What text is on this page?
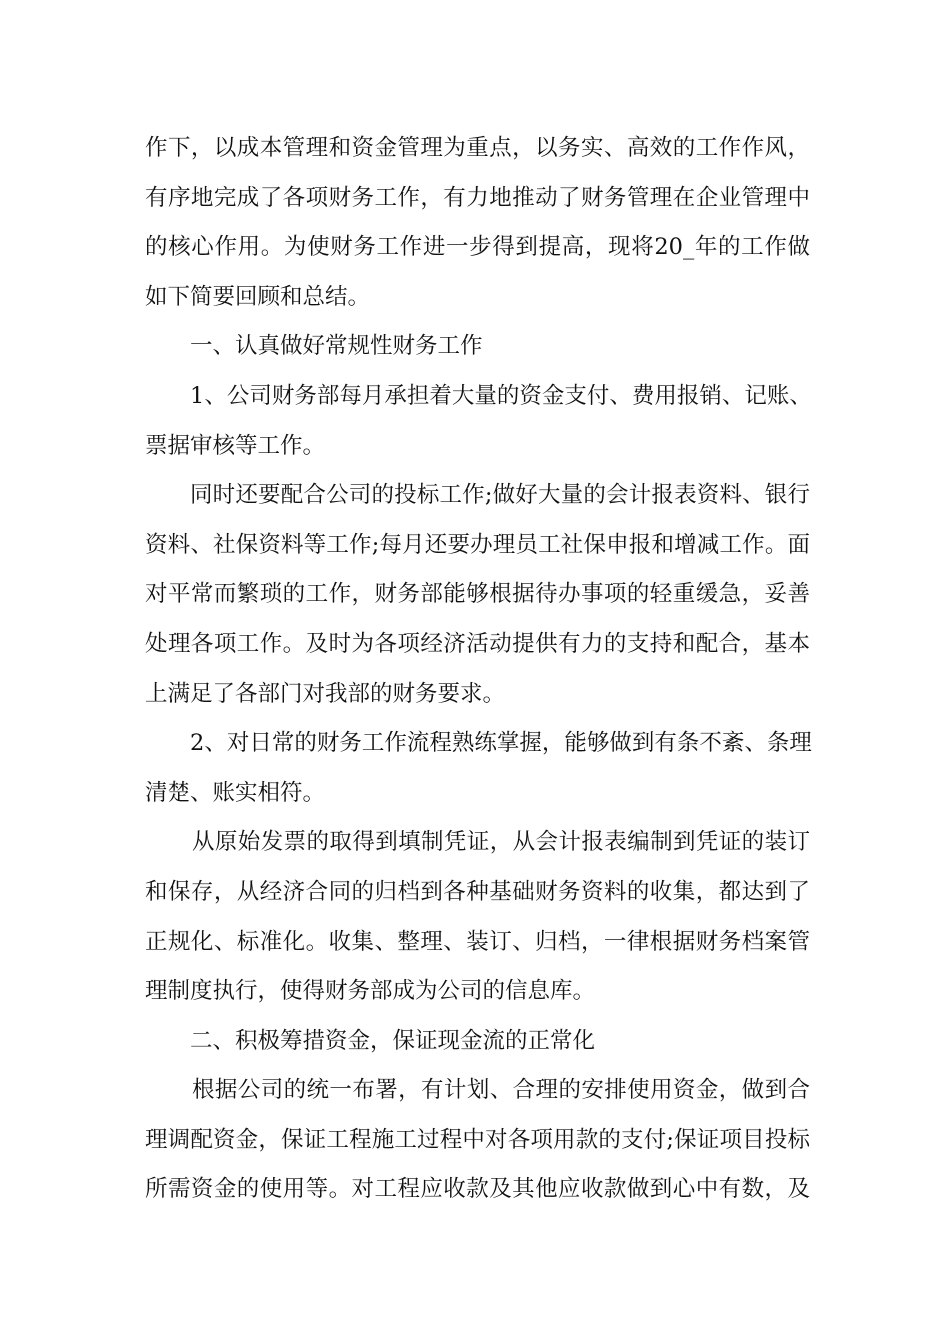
作下，以成本管理和资金管理为重点，以务实、高效的工作作风，
有序地完成了各项财务工作，有力地推动了财务管理在企业管理中
的核心作用。为使财务工作进一步得到提高，现将20_年的工作做
如下简要回顾和总结。
一、认真做好常规性财务工作
1、公司财务部每月承担着大量的资金支付、费用报销、记账、
票据审核等工作。
同时还要配合公司的投标工作;做好大量的会计报表资料、银行
资料、社保资料等工作;每月还要办理员工社保申报和增减工作。面
对平常而繁琐的工作，财务部能够根据待办事项的轻重缓急，妥善
处理各项工作。及时为各项经济活动提供有力的支持和配合，基本
上满足了各部门对我部的财务要求。
2、对日常的财务工作流程熟练掌握，能够做到有条不紊、条理
清楚、账实相符。
从原始发票的取得到填制凭证，从会计报表编制到凭证的装订
和保存，从经济合同的归档到各种基础财务资料的收集，都达到了
正规化、标准化。收集、整理、装订、归档，一律根据财务档案管
理制度执行，使得财务部成为公司的信息库。
二、积极筹措资金，保证现金流的正常化
根据公司的统一布署，有计划、合理的安排使用资金，做到合
理调配资金，保证工程施工过程中对各项用款的支付;保证项目投标
所需资金的使用等。对工程应收款及其他应收款做到心中有数，及
